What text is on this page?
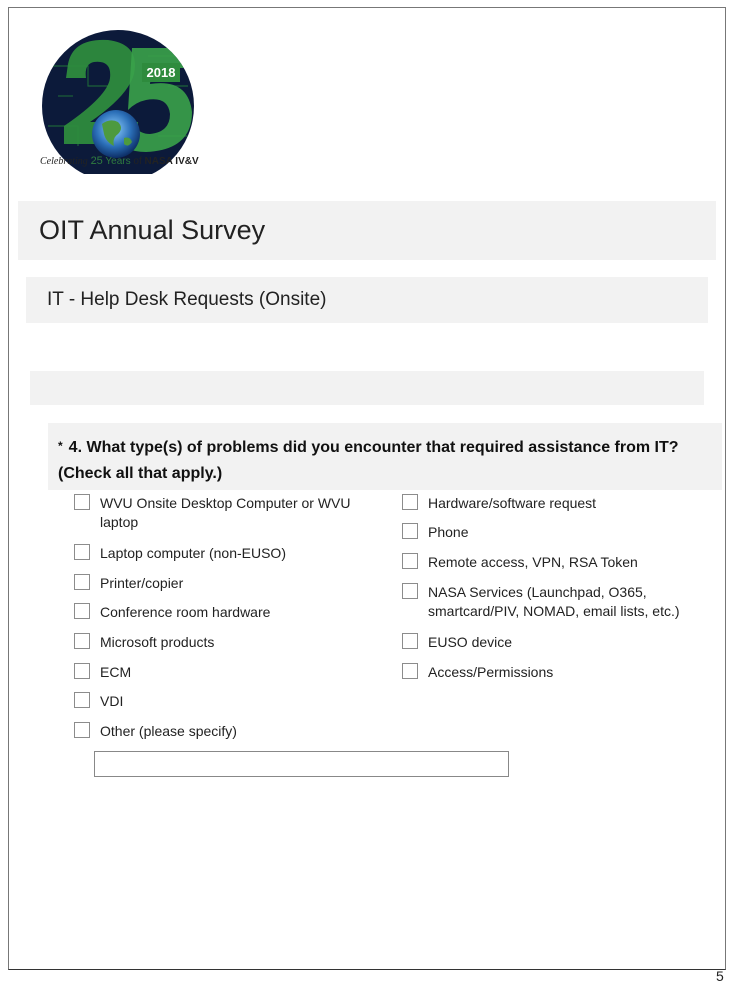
2018
Celebrating 25 Years of NASA IV&V
OIT Annual Survey
IT - Help Desk Requests (Onsite)
* 4. What type(s) of problems did you encounter that required assistance from IT? (Check all that apply.)
WVU Onsite Desktop Computer or WVU laptop
Laptop computer (non-EUSO)
Printer/copier
Conference room hardware
Microsoft products
ECM
VDI
Other (please specify)
Hardware/software request
Phone
Remote access, VPN, RSA Token
NASA Services (Launchpad, O365, smartcard/PIV, NOMAD, email lists, etc.)
EUSO device
Access/Permissions
5
